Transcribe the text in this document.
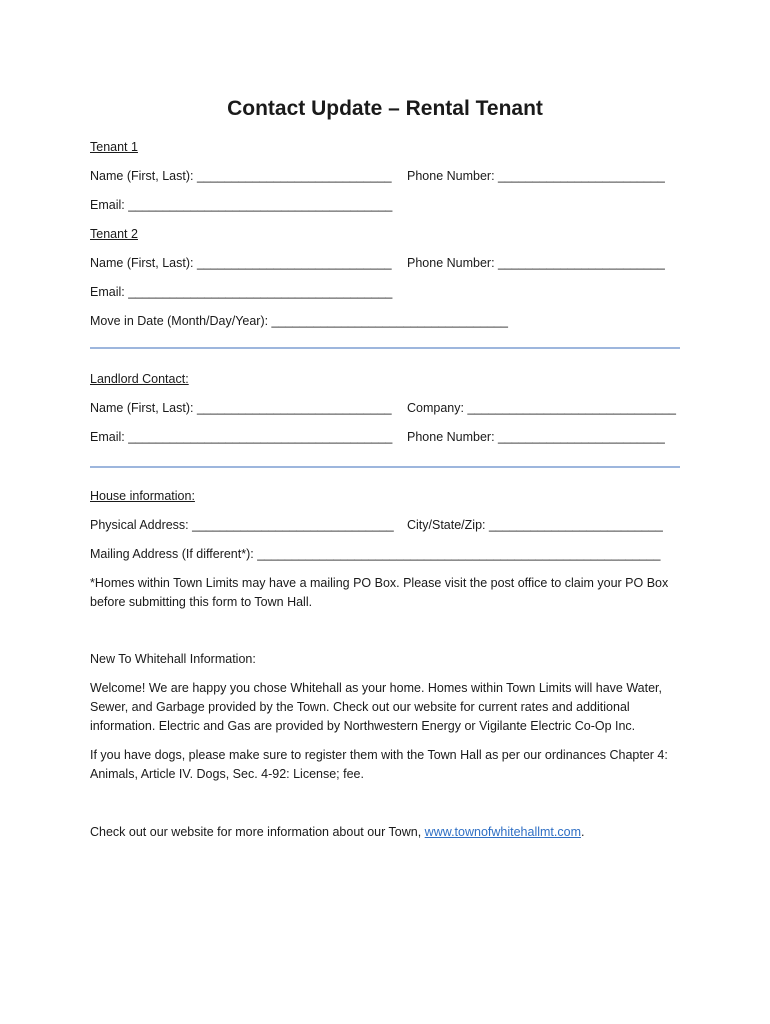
Contact Update – Rental Tenant
Tenant 1
Name (First, Last): ____________________________ Phone Number: ________________________
Email: ______________________________________
Tenant 2
Name (First, Last): ____________________________ Phone Number: ________________________
Email: ______________________________________
Move in Date (Month/Day/Year): __________________________________
Landlord Contact:
Name (First, Last): ____________________________ Company: ______________________________
Email: ______________________________________ Phone Number: ________________________
House information:
Physical Address: _____________________________ City/State/Zip: _________________________
Mailing Address (If different*): __________________________________________________________
*Homes within Town Limits may have a mailing PO Box. Please visit the post office to claim your PO Box before submitting this form to Town Hall.
New To Whitehall Information:
Welcome! We are happy you chose Whitehall as your home. Homes within Town Limits will have Water, Sewer, and Garbage provided by the Town. Check out our website for current rates and additional information. Electric and Gas are provided by Northwestern Energy or Vigilante Electric Co-Op Inc.
If you have dogs, please make sure to register them with the Town Hall as per our ordinances Chapter 4: Animals, Article IV. Dogs, Sec. 4-92: License; fee.
Check out our website for more information about our Town, www.townofwhitehallmt.com.
